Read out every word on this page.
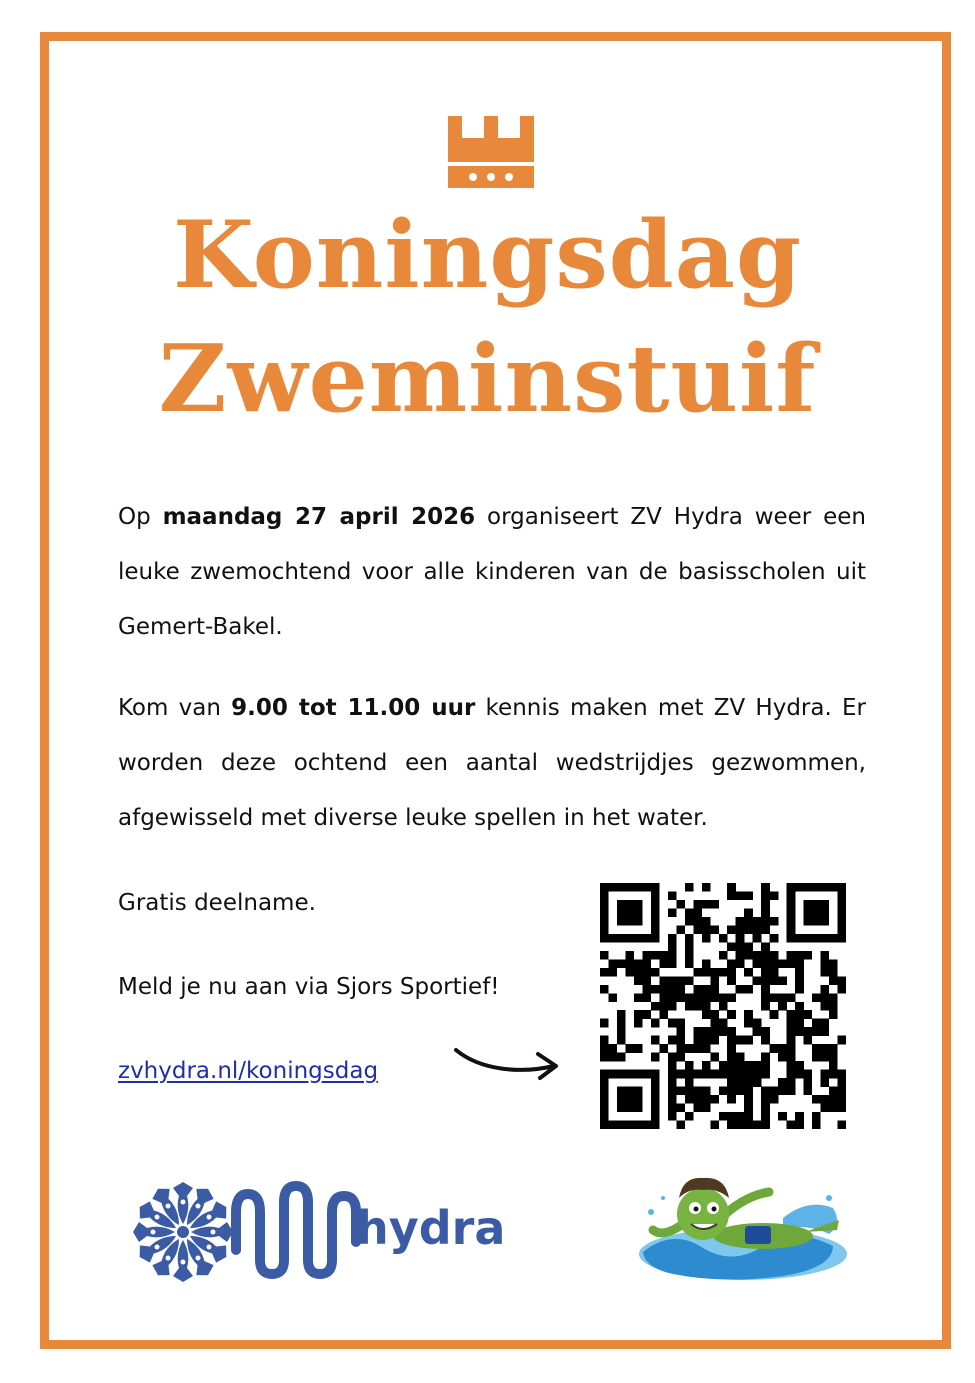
Koningsdag
Zweminstuif

Op maandag 27 april 2026 organiseert ZV Hydra weer een leuke zwemochtend voor alle kinderen van de basisscholen uit Gemert-Bakel.

Kom van 9.00 tot 11.00 uur kennis maken met ZV Hydra. Er worden deze ochtend een aantal wedstrijdjes gezwommen, afgewisseld met diverse leuke spellen in het water.

Gratis deelname.

Meld je nu aan via Sjors Sportief!

zvhydra.nl/koningsdag
hydra
